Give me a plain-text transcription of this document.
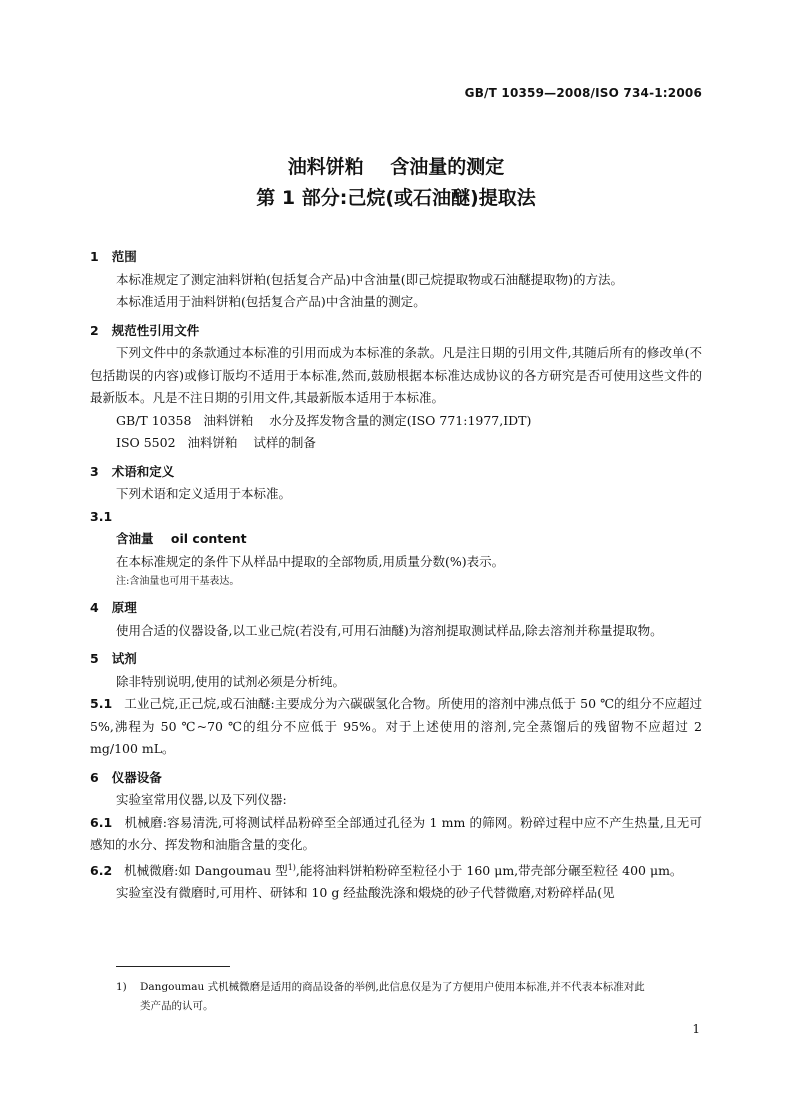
GB/T 10359—2008/ISO 734-1:2006
油料饼粕    含油量的测定
第 1 部分:己烷(或石油醚)提取法
1   范围
本标准规定了测定油料饼粕(包括复合产品)中含油量(即己烷提取物或石油醚提取物)的方法。
本标准适用于油料饼粕(包括复合产品)中含油量的测定。
2   规范性引用文件
下列文件中的条款通过本标准的引用而成为本标准的条款。凡是注日期的引用文件,其随后所有的修改单(不包括勘误的内容)或修订版均不适用于本标准,然而,鼓励根据本标准达成协议的各方研究是否可使用这些文件的最新版本。凡是不注日期的引用文件,其最新版本适用于本标准。
GB/T 10358   油料饼粕    水分及挥发物含量的测定(ISO 771:1977,IDT)
ISO 5502   油料饼粕    试样的制备
3   术语和定义
下列术语和定义适用于本标准。
3.1
含油量    oil content
在本标准规定的条件下从样品中提取的全部物质,用质量分数(%)表示。
注:含油量也可用干基表达。
4   原理
使用合适的仪器设备,以工业己烷(若没有,可用石油醚)为溶剂提取测试样品,除去溶剂并称量提取物。
5   试剂
除非特别说明,使用的试剂必须是分析纯。
5.1 工业己烷,正己烷,或石油醚:主要成分为六碳碳氢化合物。所使用的溶剂中沸点低于 50 ℃的组分不应超过 5%,沸程为 50 ℃~70 ℃的组分不应低于 95%。对于上述使用的溶剂,完全蒸馏后的残留物不应超过 2 mg/100 mL。
6   仪器设备
实验室常用仪器,以及下列仪器:
6.1 机械磨:容易清洗,可将测试样品粉碎至全部通过孔径为 1 mm 的筛网。粉碎过程中应不产生热量,且无可感知的水分、挥发物和油脂含量的变化。
6.2 机械微磨:如 Dangoumau 型$^{1)}$,能将油料饼粕粉碎至粒径小于 160 μm,带壳部分碾至粒径 400 μm。
实验室没有微磨时,可用杵、研钵和 10 g 经盐酸洗涤和煅烧的砂子代替微磨,对粉碎样品(见
1) Dangoumau 式机械微磨是适用的商品设备的举例,此信息仅是为了方便用户使用本标准,并不代表本标准对此
类产品的认可。
1
